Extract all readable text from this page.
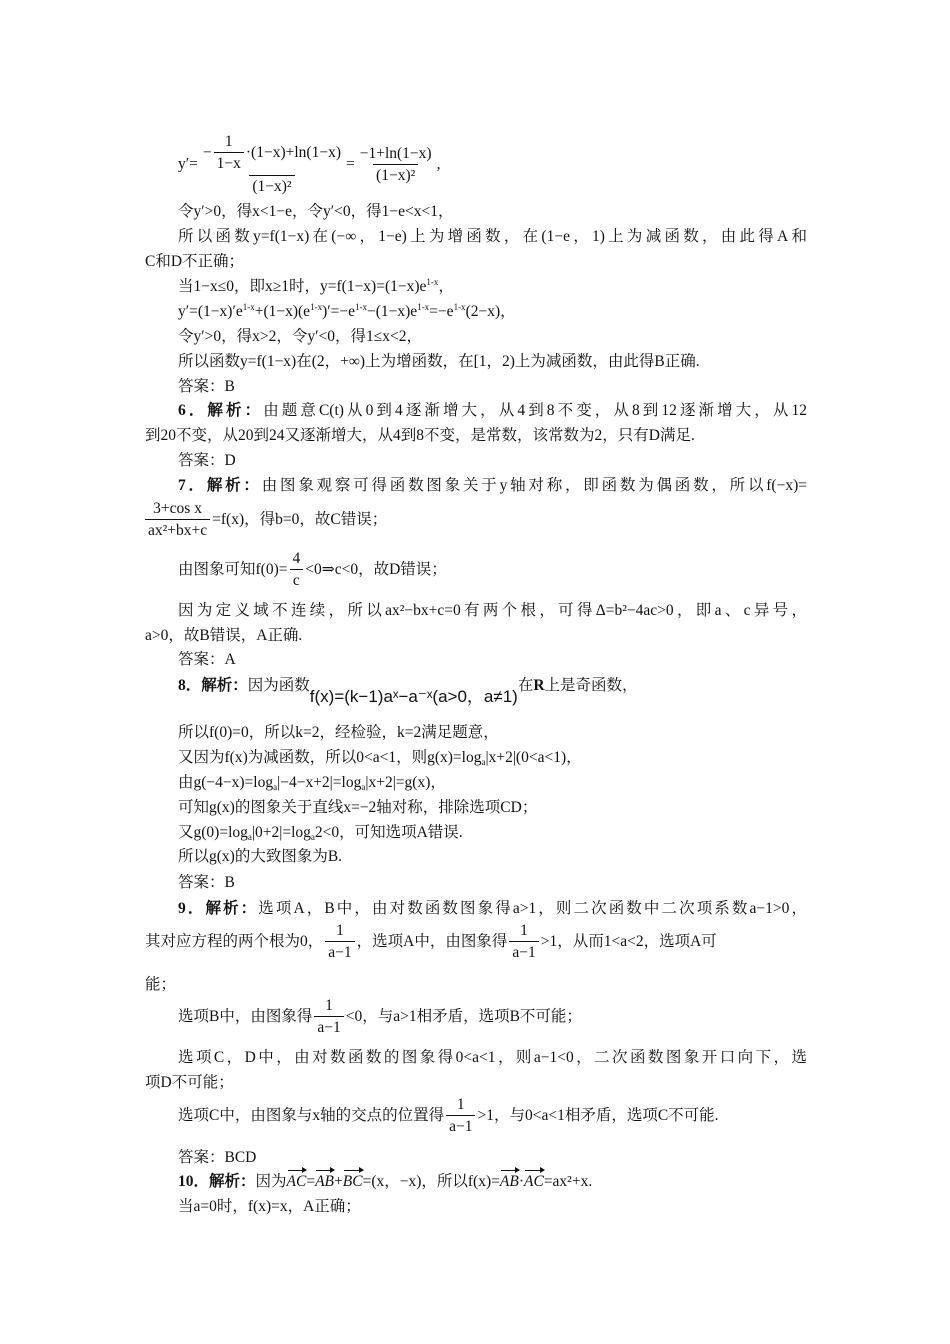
$y'= \frac{- \frac{1}{1-x} \cdot(1-x)+\ln(1-x)}{\text{(1−x)²}} = \frac{-1+\ln(1-x)}{\text{(1−x)²}}$ ,
令y′>0，得x<1−e，令y′<0，得1−e<x<1，
所以函数y=f(1−x)在(−∞，1−e)上为增函数，在(1−e，1)上为减函数，由此得A和
C和D不正确；
当1−x≤0，即x≥1时，$y=f(1-x)=(1-x)e^{1-x}$，
$y'=(1-x)'e^{1-x}+(1-x)(e^{1-x})'=-e^{1-x}-(1-x)e^{1-x}=-e^{1-x}(2-x)$，
令y′>0，得x>2，令y′<0，得1≤x<2，
所以函数y=f(1−x)在(2，+∞)上为增函数，在[1，2)上为减函数，由此得B正确.
答案：B
6．解析：由题意C(t)从0到4逐渐增大，从4到8不变，从8到12逐渐增大，从12
到20不变，从20到24又逐渐增大，从4到8不变，是常数，该常数为2，只有D满足.
答案：D
7．解析：由图象观察可得函数图象关于y轴对称，即函数为偶函数，所以f(−x)=
$\frac{\text{3+cos x}}{\text{ax²+bx+c}} =f(x)$，得b=0，故C错误；
由图象可知$f(0)= \frac{4}{c}$ <0⇒c<0，故D错误；
因为定义域不连续，所以ax²−bx+c=0有两个根，可得Δ=b²−4ac>0，即a、c异号，
a>0，故B错误，A正确.
答案：A
8．解析：因为函数f(x)=(k−1)aˣ−a⁻ˣ(a>0，a≠1)在R上是奇函数，
所以f(0)=0，所以k=2，经检验，k=2满足题意，
又因为f(x)为减函数，所以0<a<1，则$g(x)=\log_a|x+2|(0<a<1)$，
由$g(-4-x)=\log_a|-4-x+2|=\log_a|x+2|=g(x)$，
可知g(x)的图象关于直线x=−2轴对称，排除选项CD；
又$g(0)=\log_a|0+2|=\log_a2<0$，可知选项A错误.
所以g(x)的大致图象为B.
答案：B
9．解析：选项A，B中，由对数函数图象得a>1，则二次函数中二次项系数a−1>0，
其对应方程的两个根为0， $\frac{1}{a-1}$ ，选项A中，由图象得 $\frac{1}{a-1} >1$，从而1<a<2，选项A可
能；
选项B中，由图象得 $\frac{1}{a-1} <0$，与a>1相矛盾，选项B不可能；
选项C，D中，由对数函数的图象得0<a<1，则a−1<0，二次函数图象开口向下，选
项D不可能；
选项C中，由图象与x轴的交点的位置得 $\frac{1}{a-1} >1$，与0<a<1相矛盾，选项C不可能.
答案：BCD
10．解析：因为AC=AB+BC=(x，−x)，所以f(x)=AB·AC=ax²+x.
当a=0时，f(x)=x，A正确；
